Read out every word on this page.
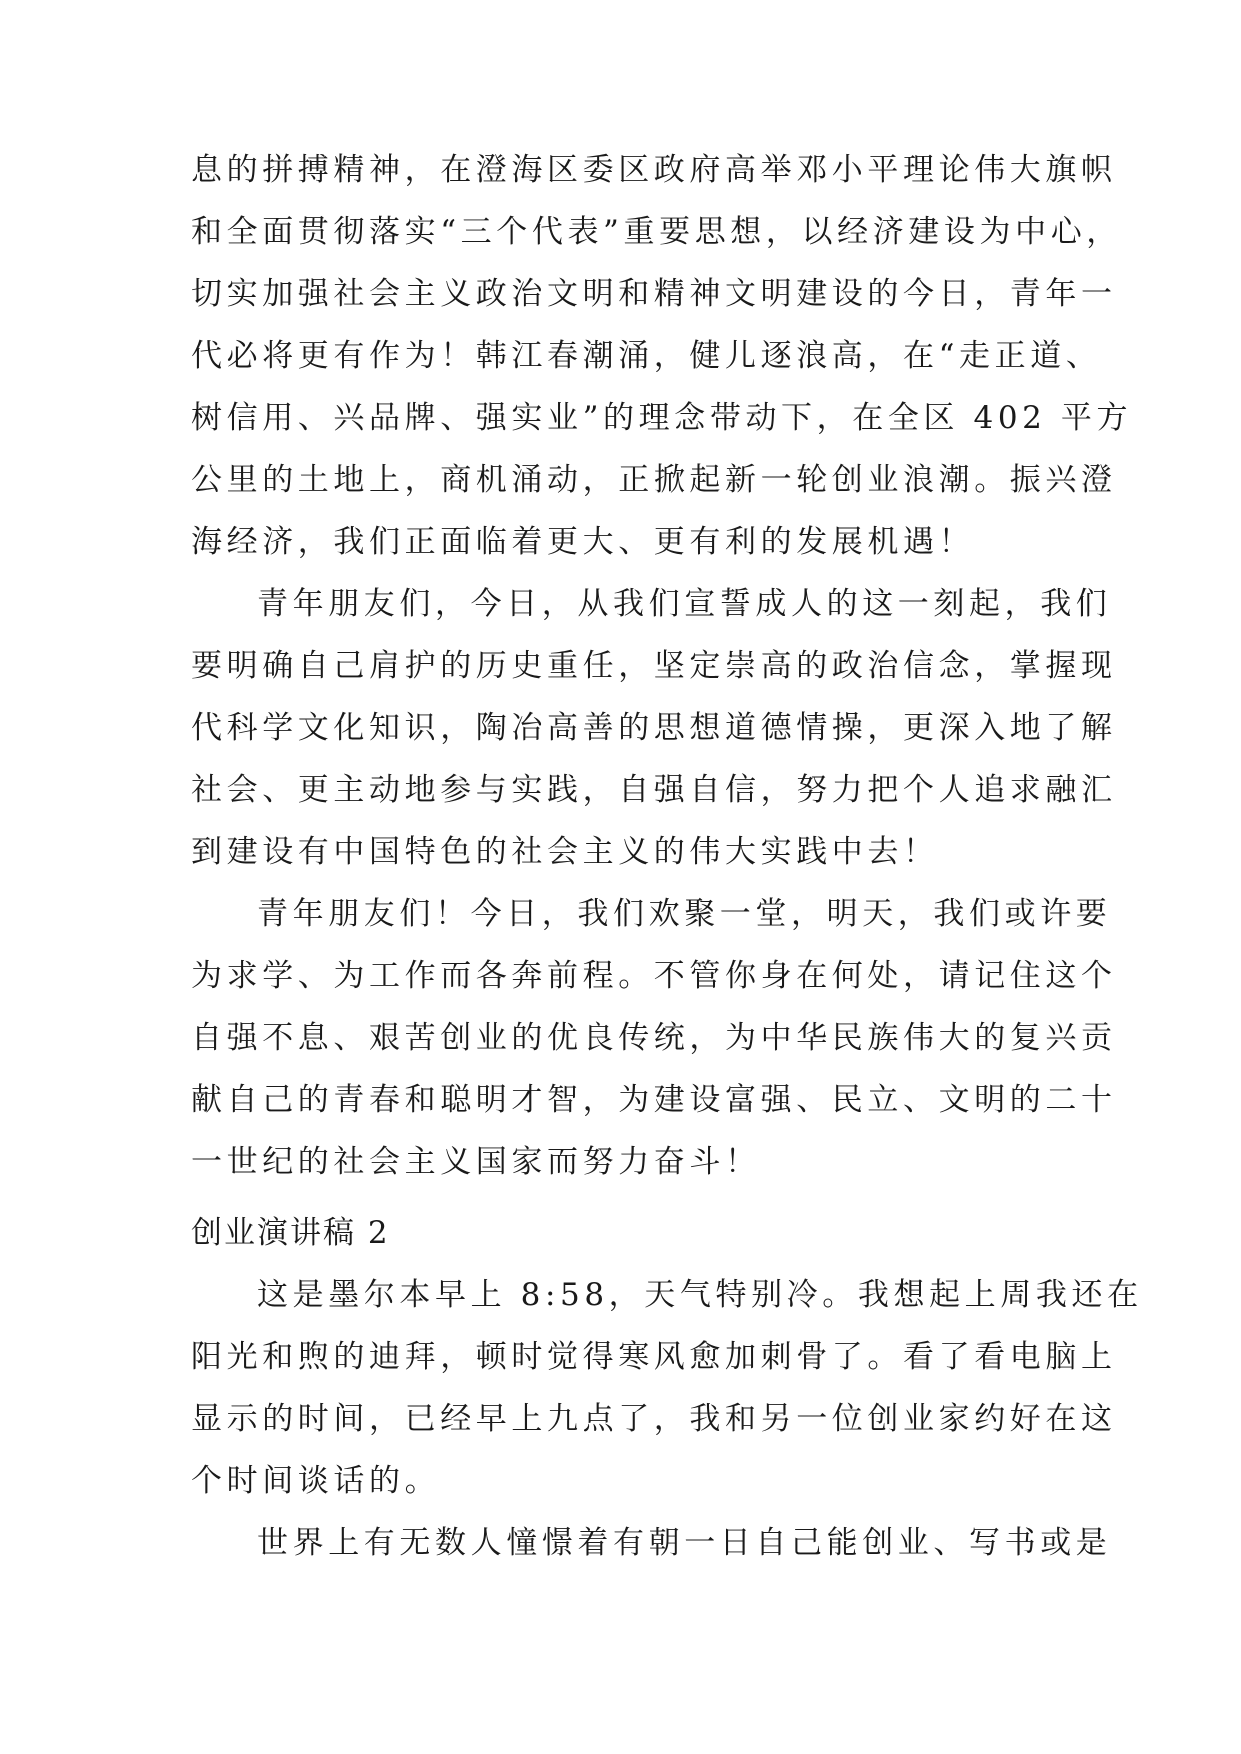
息的拼搏精神，在澄海区委区政府高举邓小平理论伟大旗帜
和全面贯彻落实“三个代表”重要思想，以经济建设为中心，
切实加强社会主义政治文明和精神文明建设的今日，青年一
代必将更有作为！韩江春潮涌，健儿逐浪高，在“走正道、
树信用、兴品牌、强实业”的理念带动下，在全区 402 平方
公里的土地上，商机涌动，正掀起新一轮创业浪潮。振兴澄
海经济，我们正面临着更大、更有利的发展机遇！
青年朋友们，今日，从我们宣誓成人的这一刻起，我们
要明确自己肩护的历史重任，坚定崇高的政治信念，掌握现
代科学文化知识，陶冶高善的思想道德情操，更深入地了解
社会、更主动地参与实践，自强自信，努力把个人追求融汇
到建设有中国特色的社会主义的伟大实践中去！
青年朋友们！今日，我们欢聚一堂，明天，我们或许要
为求学、为工作而各奔前程。不管你身在何处，请记住这个
自强不息、艰苦创业的优良传统，为中华民族伟大的复兴贡
献自己的青春和聪明才智，为建设富强、民立、文明的二十
一世纪的社会主义国家而努力奋斗！
创业演讲稿 2
这是墨尔本早上 8:58，天气特别冷。我想起上周我还在
阳光和煦的迪拜，顿时觉得寒风愈加刺骨了。看了看电脑上
显示的时间，已经早上九点了，我和另一位创业家约好在这
个时间谈话的。
世界上有无数人憧憬着有朝一日自己能创业、写书或是
